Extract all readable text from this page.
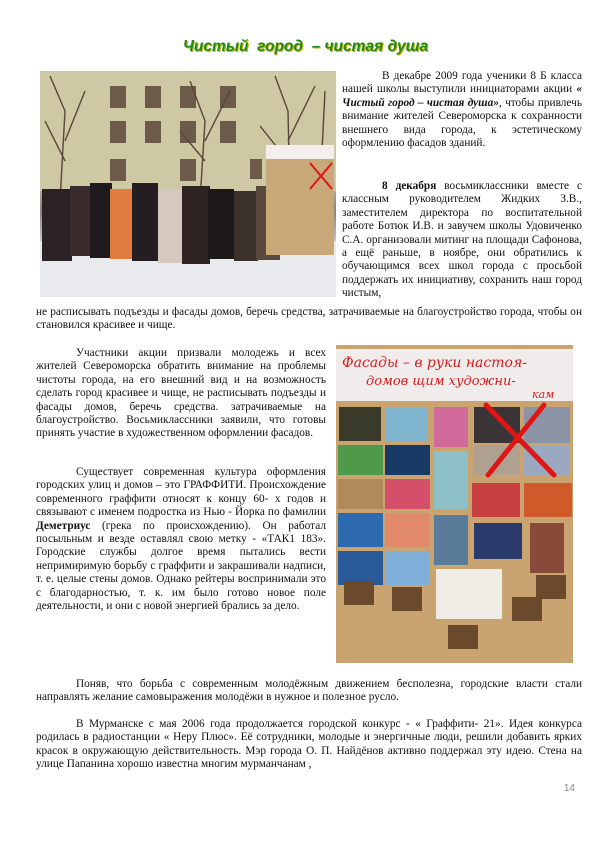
Чистый  город  – чистая душа

В декабре 2009 года ученики 8 Б класса нашей школы выступили инициаторами акции « Чистый город – чистая душа», чтобы привлечь внимание жителей Североморска к сохранности внешнего вида города, к эстетическому оформлению фасадов зданий.

8 декабря восьмиклассники вместе с классным руководителем Жидких З.В., заместителем директора по воспитательной работе Ботюк И.В. и завучем школы Удовиченко С.А. организовали митинг на площади Сафонова, а ещё раньше, в ноябре, они обратились к обучающимся всех школ города с просьбой поддержать их инициативу, сохранить наш город чистым,

не расписывать подъезды и фасады домов, беречь средства, затрачиваемые на благоустройство города, чтобы он становился красивее и чище.

Участники акции призвали молодежь и всех жителей Североморска обратить внимание на проблемы чистоты города, на его внешний вид и на возможность сделать город красивее и чище, не расписывать подъезды и фасады домов, беречь средства. затрачиваемые на благоустройство. Восьмиклассники заявили, что готовы принять участие в художественном оформлении фасадов.

Существует современная культура оформления городских улиц и домов – это ГРАФФИТИ. Происхождение современного граффити относят к концу 60- х годов и связывают с именем подростка из Нью - Йорка по фамилии Деметриус (грека по происхождению). Он работал посыльным и везде оставлял свою метку - «ТАК1 183». Городские службы долгое время пытались вести непримиримую борьбу с граффити и закрашивали надписи, т. е. целые стены домов. Однако рейтеры воспринимали это с благодарностью, т. к. им было готово новое поле деятельности, и они с новой энергией брались за дело.

Фасады – в руки настоя-
домов щим художни-
кам

Поняв, что борьба с современным молодёжным движением бесполезна, городские власти стали направлять желание самовыражения молодёжи в нужное и полезное русло.

В Мурманске с мая 2006 года продолжается городской конкурс - « Граффити- 21». Идея конкурса родилась в радиостанции « Неру Плюс». Её сотрудники, молодые и энергичные люди, решили добавить ярких красок в окружающую действительность. Мэр города О. П. Найдёнов активно поддержал эту идею. Стена на улице Папанина хорошо известна многим мурманчанам ,

14
